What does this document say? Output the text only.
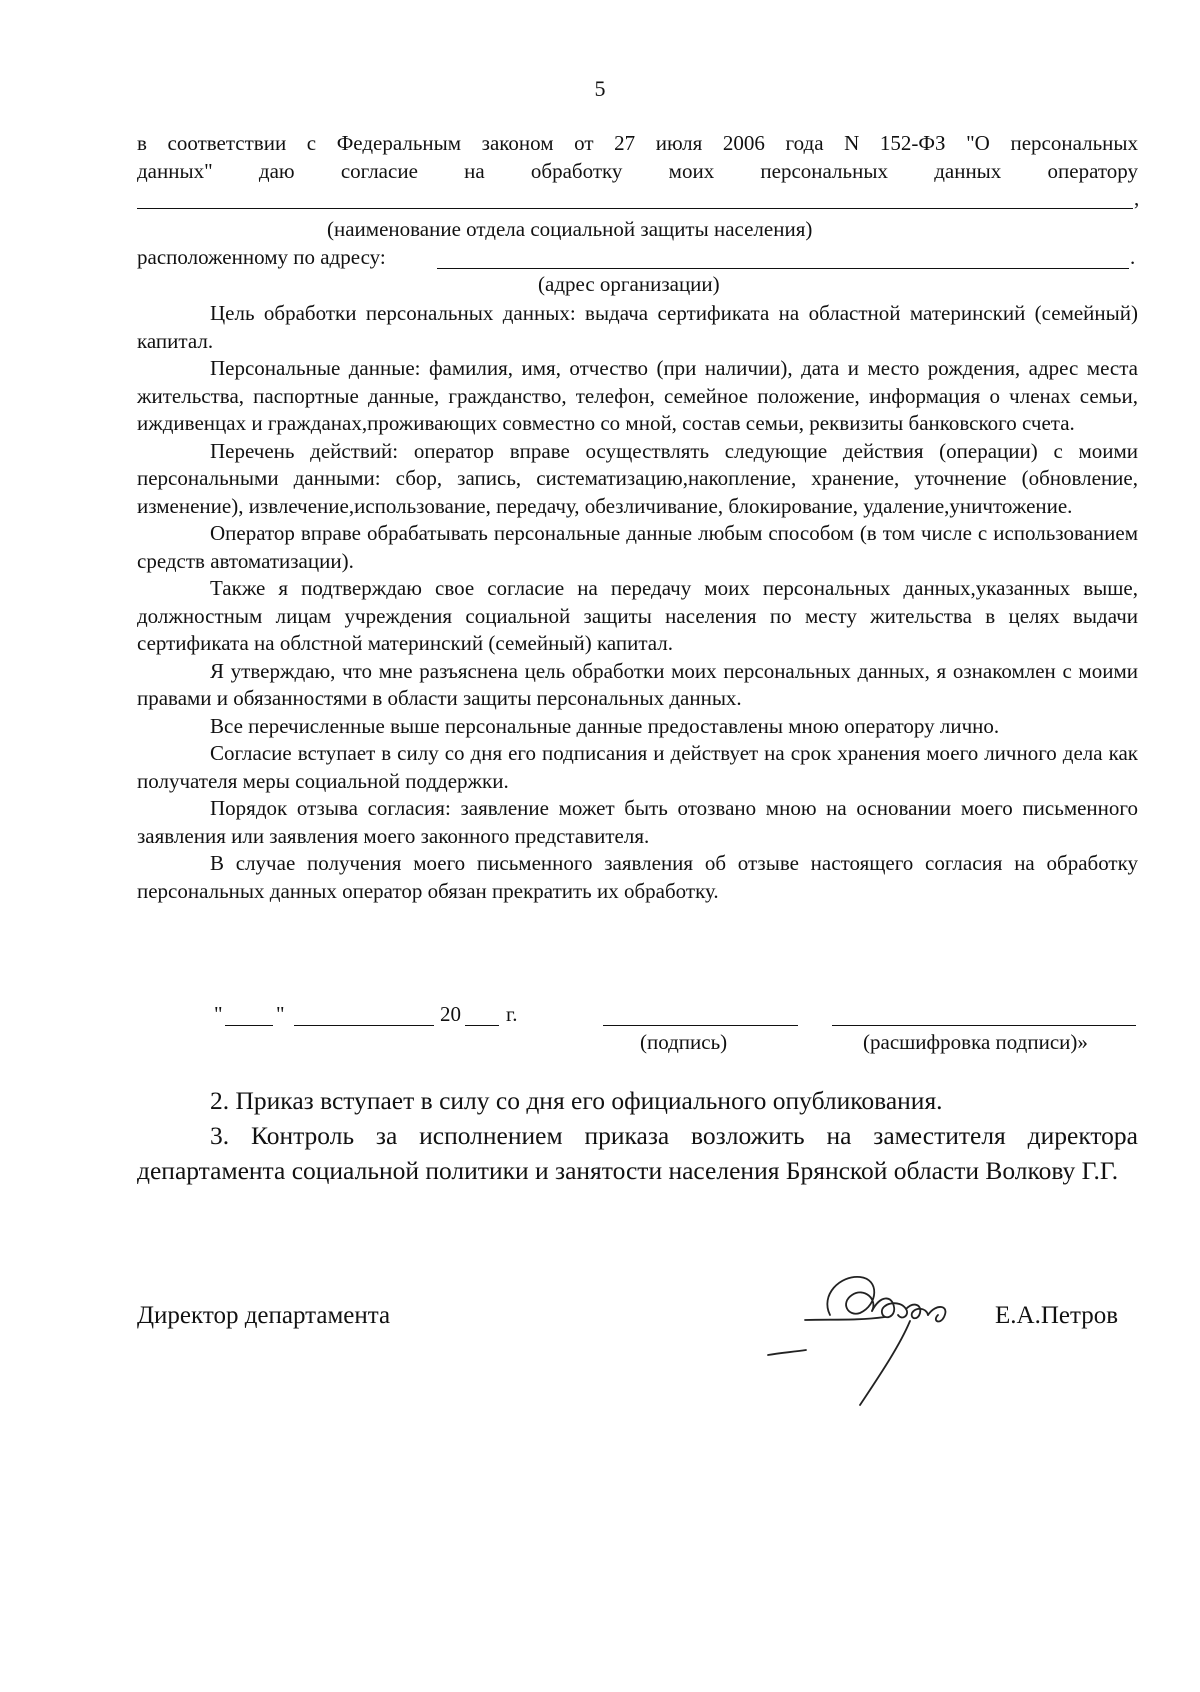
5
в соответствии с Федеральным законом от 27 июля 2006 года N 152-ФЗ "О персональных
данных" даю согласие на обработку моих персональных данных оператору
,
(наименование отдела социальной защиты населения)
расположенному по адресу:	.
(адрес организации)

Цель обработки персональных данных: выдача сертификата на областной материнский (семейный) капитал.

Персональные данные: фамилия, имя, отчество (при наличии), дата и место рождения, адрес места жительства, паспортные данные, гражданство, телефон, семейное положение, информация о членах семьи, иждивенцах и гражданах,проживающих совместно со мной, состав семьи, реквизиты банковского счета.

Перечень действий: оператор вправе осуществлять следующие действия (операции) с моими персональными данными: сбор, запись, систематизацию,накопление, хранение, уточнение (обновление, изменение), извлечение,использование, передачу, обезличивание, блокирование, удаление,уничтожение.

Оператор вправе обрабатывать персональные данные любым способом (в том числе с использованием средств автоматизации).

Также я подтверждаю свое согласие на передачу моих персональных данных,указанных выше, должностным лицам учреждения социальной защиты населения по месту жительства в целях выдачи сертификата на облстной материнский (семейный) капитал.

Я утверждаю, что мне разъяснена цель обработки моих персональных данных, я ознакомлен с моими правами и обязанностями в области защиты персональных данных.

Все перечисленные выше персональные данные предоставлены мною оператору лично.

Согласие вступает в силу со дня его подписания и действует на срок хранения моего личного дела как получателя меры социальной поддержки.

Порядок отзыва согласия: заявление может быть отозвано мною на основании моего письменного заявления или заявления моего законного представителя.

В случае получения моего письменного заявления об отзыве настоящего согласия на обработку персональных данных оператор обязан прекратить их обработку.

"	"	20 г.
(подпись)	(расшифровка подписи)»

2. Приказ вступает в силу со дня его официального опубликования.

3. Контроль за исполнением приказа возложить на заместителя директора департамента социальной политики и занятости населения Брянской области Волкову Г.Г.

Директор департамента	Е.А.Петров
